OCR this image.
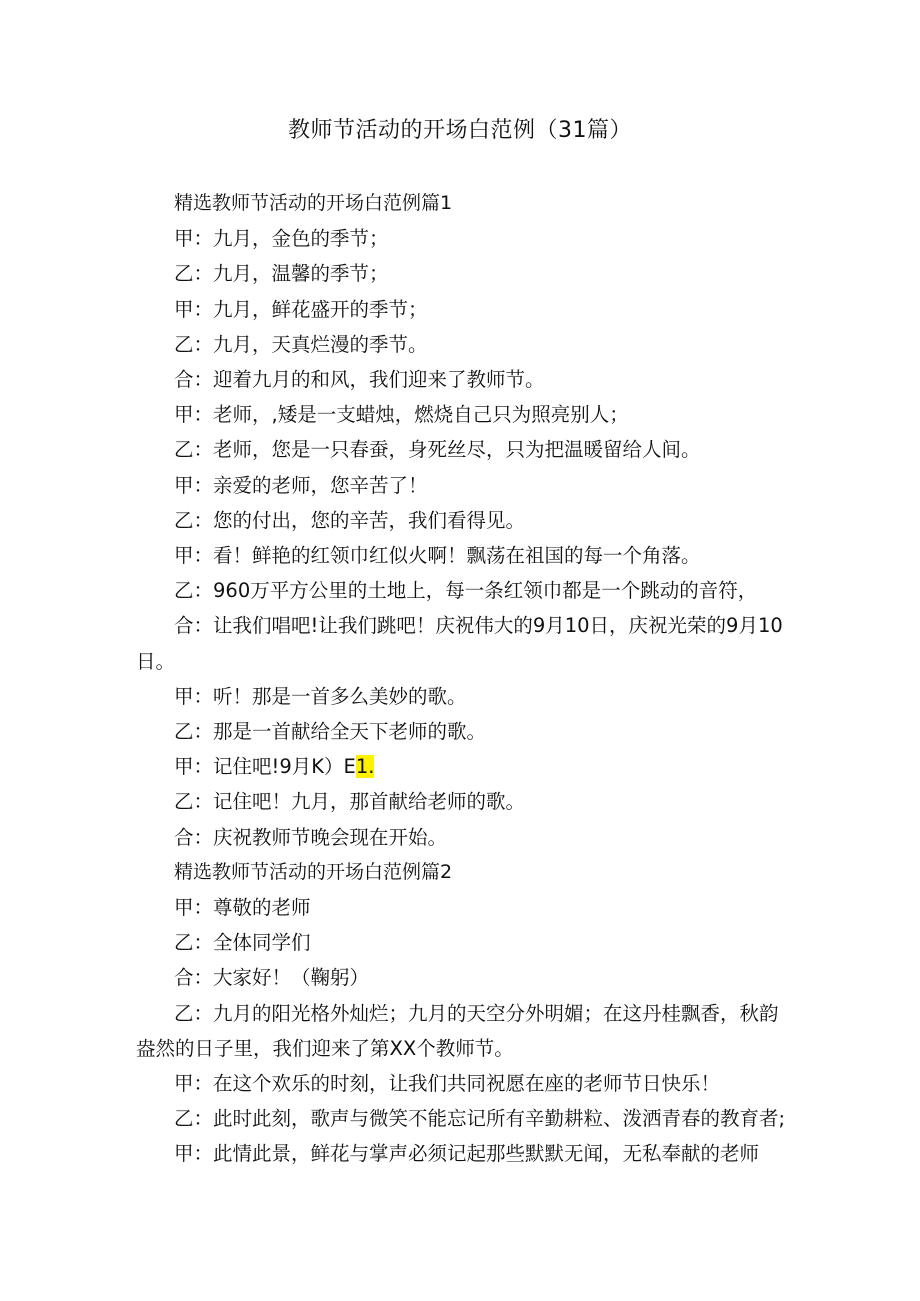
教师节活动的开场白范例（31篇）
精选教师节活动的开场白范例篇1
甲：九月，金色的季节；
乙：九月，温馨的季节；
甲：九月，鲜花盛开的季节；
乙：九月，天真烂漫的季节。
合：迎着九月的和风，我们迎来了教师节。
甲：老师，,矮是一支蜡烛，燃烧自己只为照亮别人；
乙：老师，您是一只春蚕，身死丝尽，只为把温暖留给人间。
甲：亲爱的老师，您辛苦了！
乙：您的付出，您的辛苦，我们看得见。
甲：看！鲜艳的红领巾红似火啊！飘荡在祖国的每一个角落。
乙：960万平方公里的土地上，每一条红领巾都是一个跳动的音符，
合：让我们唱吧!让我们跳吧！庆祝伟大的9月10日，庆祝光荣的9月10日。
甲：听！那是一首多么美妙的歌。
乙：那是一首献给全天下老师的歌。
甲：记住吧!9月K）E1.
乙：记住吧！九月，那首献给老师的歌。
合：庆祝教师节晚会现在开始。
精选教师节活动的开场白范例篇2
甲：尊敬的老师
乙：全体同学们
合：大家好！（鞠躬）
乙：九月的阳光格外灿烂；九月的天空分外明媚；在这丹桂飘香，秋韵盎然的日子里，我们迎来了第XX个教师节。
甲：在这个欢乐的时刻，让我们共同祝愿在座的老师节日快乐！
乙：此时此刻，歌声与微笑不能忘记所有辛勤耕粒、泼洒青春的教育者;
甲：此情此景，鲜花与掌声必须记起那些默默无闻，无私奉献的老师
